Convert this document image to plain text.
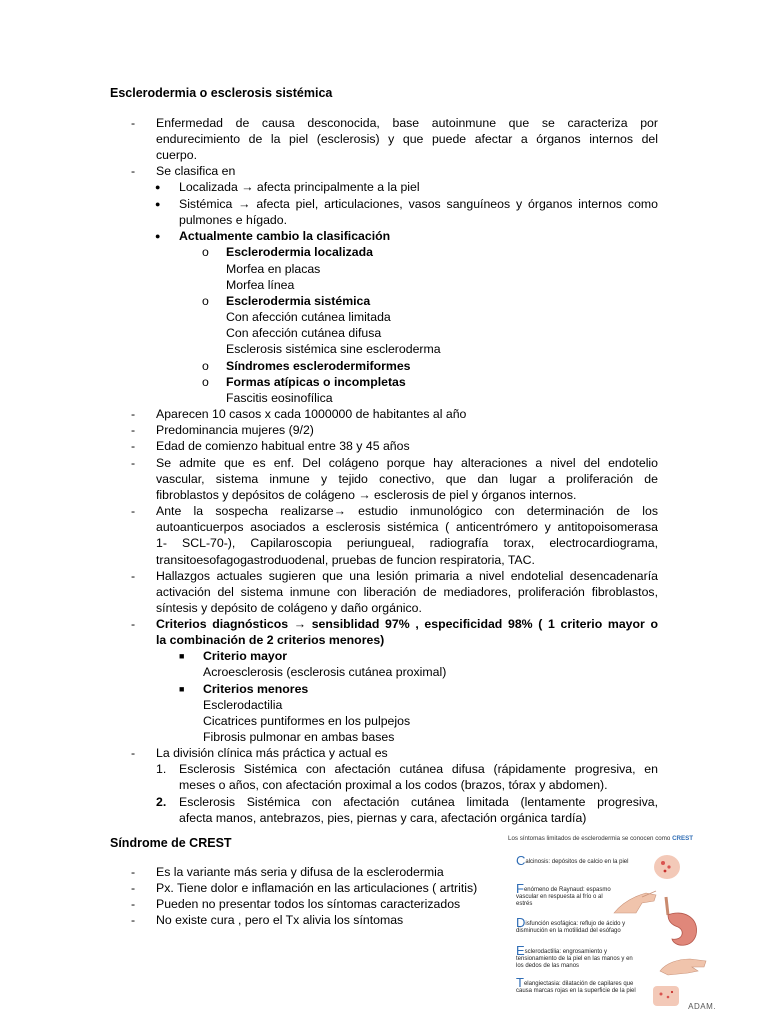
Esclerodermia o esclerosis sistémica
- Enfermedad de causa desconocida, base autoinmune que se caracteriza por
endurecimiento de la piel (esclerosis) y que puede afectar a órganos internos del
cuerpo.
- Se clasifica en
● Localizada → afecta principalmente a la piel
● Sistémica → afecta piel, articulaciones, vasos sanguíneos y órganos internos como
pulmones e hígado.
● Actualmente cambio la clasificación
o Esclerodermia localizada
Morfea en placas
Morfea línea
o Esclerodermia sistémica
Con afección cutánea limitada
Con afección cutánea difusa
Esclerosis sistémica sine escleroderma
o Síndromes esclerodermiformes
o Formas atípicas o incompletas
Fascitis eosinofílica
- Aparecen 10 casos x cada 1000000 de habitantes al año
- Predominancia mujeres (9/2)
- Edad de comienzo habitual entre 38 y 45 años
- Se admite que es enf. Del colágeno porque hay alteraciones a nivel del endotelio
vascular, sistema inmune y tejido conectivo, que dan lugar a proliferación de
fibroblastos y depósitos de colágeno → esclerosis de piel y órganos internos.
- Ante la sospecha realizarse→ estudio inmunológico con determinación de los
autoanticuerpos asociados a esclerosis sistémica ( anticentrómero y antitopoisomerasa
1- SCL-70-), Capilaroscopia periungueal, radiografía torax, electrocardiograma,
transitoesofagogastroduodenal, pruebas de funcion respiratoria, TAC.
- Hallazgos actuales sugieren que una lesión primaria a nivel endotelial desencadenaría
activación del sistema inmune con liberación de mediadores, proliferación fibroblastos,
síntesis y depósito de colágeno y daño orgánico.
- Criterios diagnósticos → sensiblidad 97% , especificidad 98% ( 1 criterio mayor o
la combinación de 2 criterios menores)
■ Criterio mayor
Acroesclerosis (esclerosis cutánea proximal)
■ Criterios menores
Esclerodactilia
Cicatrices puntiformes en los pulpejos
Fibrosis pulmonar en ambas bases
- La división clínica más práctica y actual es
1. Esclerosis Sistémica con afectación cutánea difusa (rápidamente progresiva, en
meses o años, con afectación proximal a los codos (brazos, tórax y abdomen).
2. Esclerosis Sistémica con afectación cutánea limitada (lentamente progresiva,
afecta manos, antebrazos, pies, piernas y cara, afectación orgánica tardía)
Síndrome de CREST
- Es la variante más seria y difusa de la esclerodermia
- Px. Tiene dolor e inflamación en las articulaciones ( artritis)
- Pueden no presentar todos los síntomas caracterizados
- No existe cura , pero el Tx alivia los síntomas
Los síntomas limitados de esclerodermia se conocen como CREST
Calcinosis: depósitos de calcio en la piel
Fenómeno de Raynaud: espasmo vascular en respuesta al frío o al estrés
Disfunción esofágica: reflujo de ácido y disminución en la motilidad del esófago
Esclerodactilia: engrosamiento y tensionamiento de la piel en las manos y en los dedos de las manos
Telangiectasia: dilatación de capilares que causa marcas rojas en la superficie de la piel
ADAM.
